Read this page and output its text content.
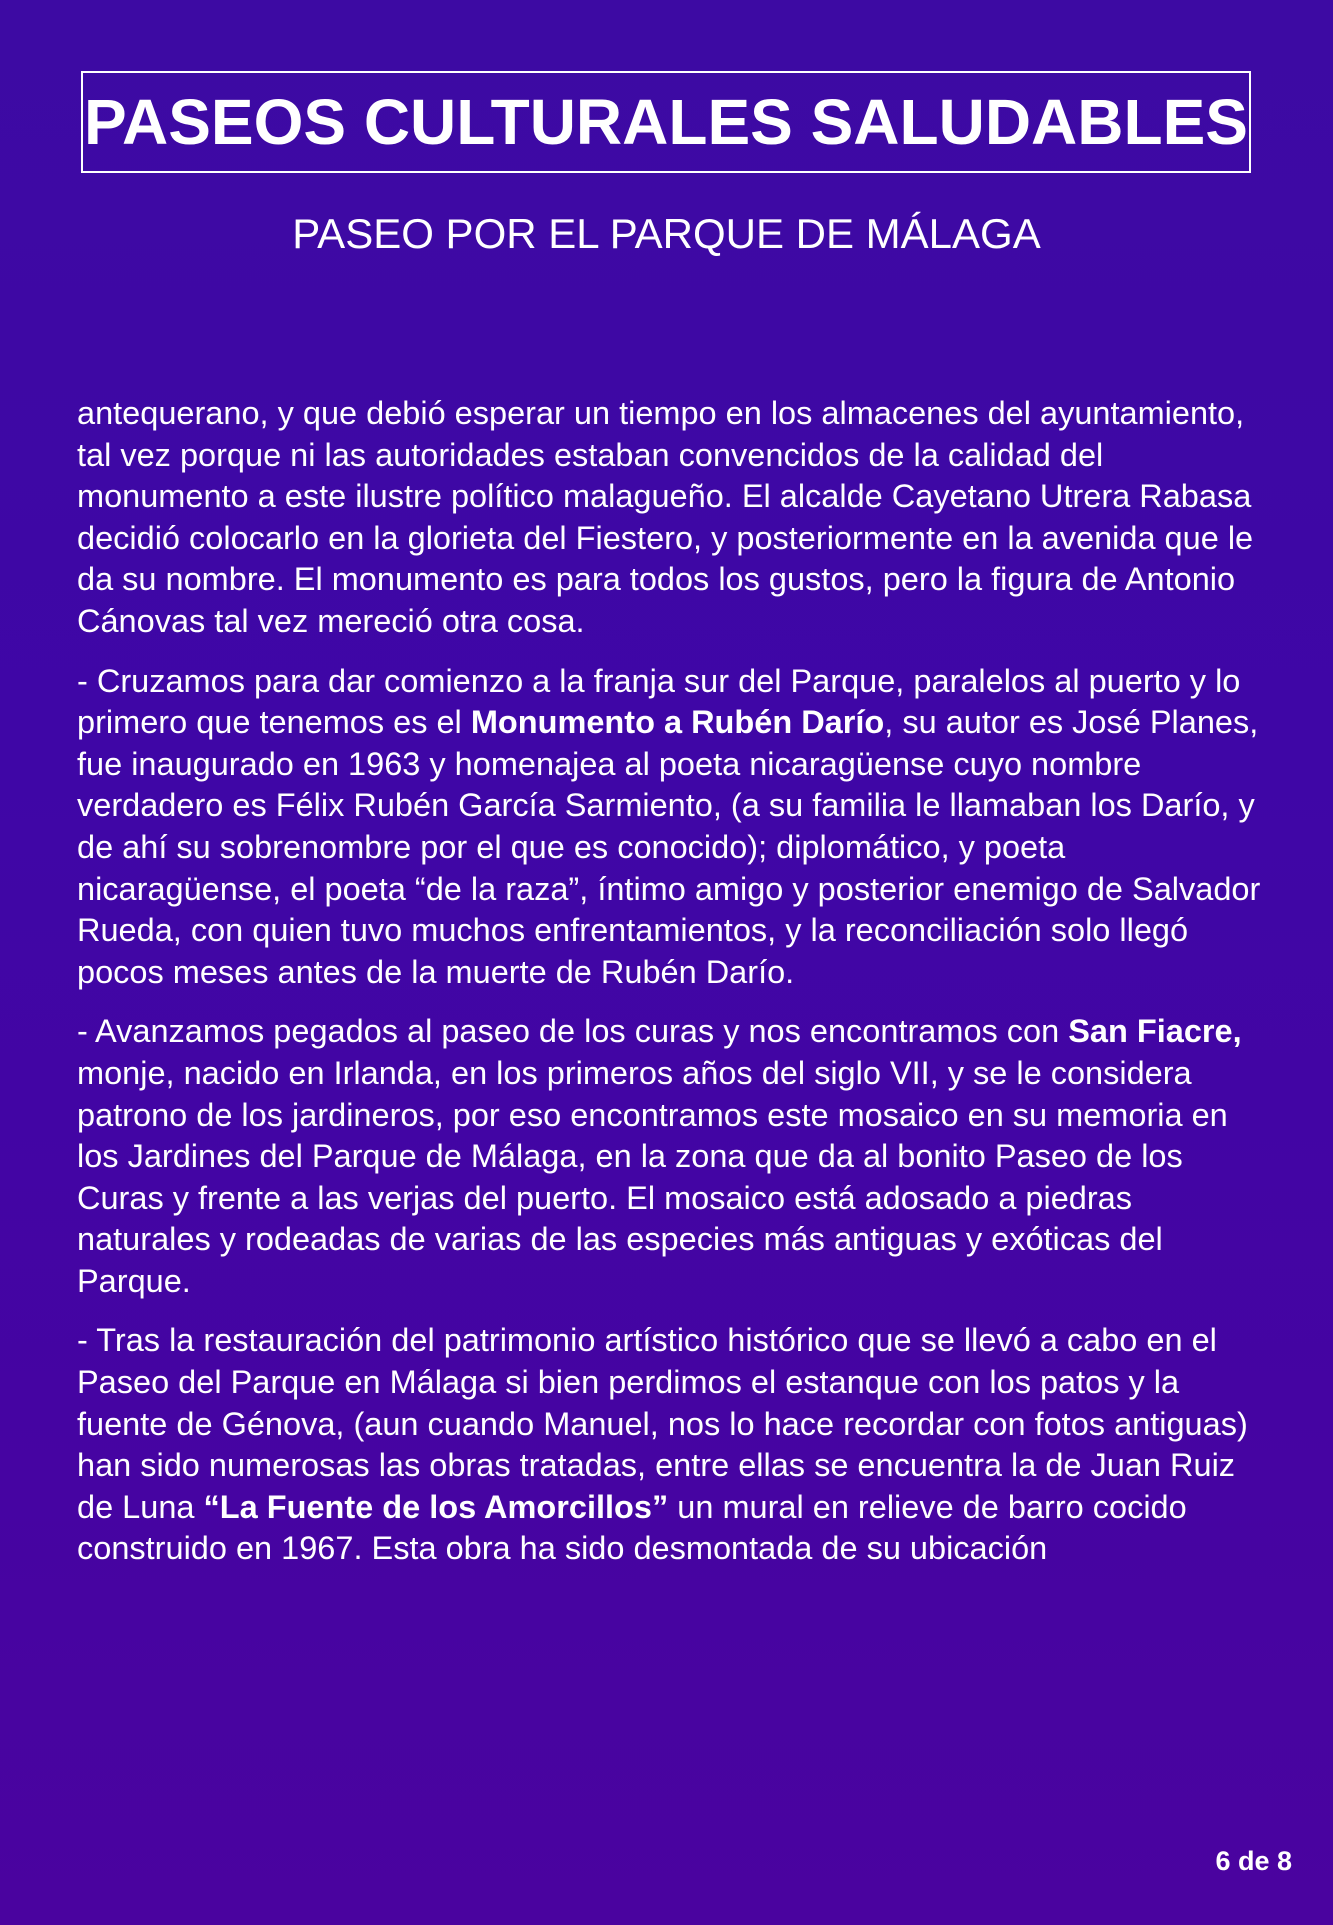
PASEOS CULTURALES SALUDABLES
PASEO POR EL PARQUE DE MÁLAGA

antequerano, y que debió esperar un tiempo en los almacenes del ayuntamiento, tal vez porque ni las autoridades estaban convencidos de la calidad del monumento a este ilustre político malagueño. El alcalde Cayetano Utrera Rabasa decidió colocarlo en la glorieta del Fiestero, y posteriormente en la avenida que le da su nombre. El monumento es para todos los gustos, pero la figura de Antonio Cánovas tal vez mereció otra cosa.

- Cruzamos para dar comienzo a la franja sur del Parque, paralelos al puerto y lo primero que tenemos es el Monumento a Rubén Darío, su autor es José Planes, fue inaugurado en 1963 y homenajea al poeta nicaragüense cuyo nombre verdadero es Félix Rubén García Sarmiento, (a su familia le llamaban los Darío, y de ahí su sobrenombre por el que es conocido); diplomático, y poeta nicaragüense, el poeta “de la raza”, íntimo amigo y posterior enemigo de Salvador Rueda, con quien tuvo muchos enfrentamientos, y la reconciliación solo llegó pocos meses antes de la muerte de Rubén Darío.

- Avanzamos pegados al paseo de los curas y nos encontramos con San Fiacre, monje, nacido en Irlanda, en los primeros años del siglo VII, y se le considera patrono de los jardineros, por eso encontramos este mosaico en su memoria en los Jardines del Parque de Málaga, en la zona que da al bonito Paseo de los Curas y frente a las verjas del puerto. El mosaico está adosado a piedras naturales y rodeadas de varias de las especies más antiguas y exóticas del Parque.

- Tras la restauración del patrimonio artístico histórico que se llevó a cabo en el Paseo del Parque en Málaga si bien perdimos el estanque con los patos y la fuente de Génova, (aun cuando Manuel, nos lo hace recordar con fotos antiguas) han sido numerosas las obras tratadas, entre ellas se encuentra la de Juan Ruiz de Luna “La Fuente de los Amorcillos” un mural en relieve de barro cocido construido en 1967. Esta obra ha sido desmontada de su ubicación

6 de 8
